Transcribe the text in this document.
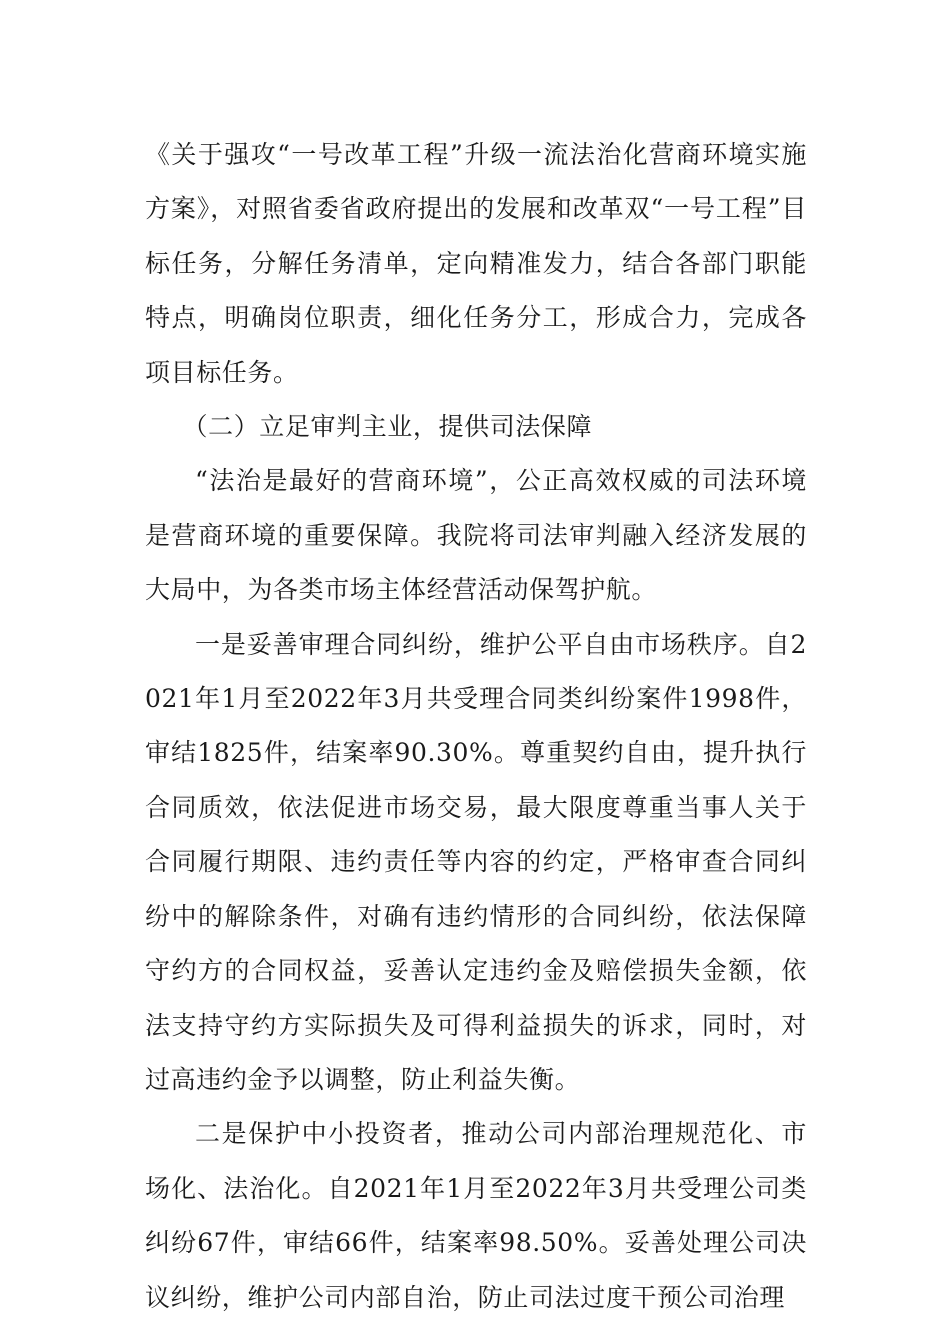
《关于强攻“一号改革工程”升级一流法治化营商环境实施方案》，对照省委省政府提出的发展和改革双“一号工程”目标任务，分解任务清单，定向精准发力，结合各部门职能特点，明确岗位职责，细化任务分工，形成合力，完成各项目标任务。

（二）立足审判主业，提供司法保障

“法治是最好的营商环境”，公正高效权威的司法环境是营商环境的重要保障。我院将司法审判融入经济发展的大局中，为各类市场主体经营活动保驾护航。

一是妥善审理合同纠纷，维护公平自由市场秩序。自2021年1月至2022年3月共受理合同类纠纷案件1998件，审结1825件，结案率90.30%。尊重契约自由，提升执行合同质效，依法促进市场交易，最大限度尊重当事人关于合同履行期限、违约责任等内容的约定，严格审查合同纠纷中的解除条件，对确有违约情形的合同纠纷，依法保障守约方的合同权益，妥善认定违约金及赔偿损失金额，依法支持守约方实际损失及可得利益损失的诉求，同时，对过高违约金予以调整，防止利益失衡。

二是保护中小投资者，推动公司内部治理规范化、市场化、法治化。自2021年1月至2022年3月共受理公司类纠纷67件，审结66件，结案率98.50%。妥善处理公司决议纠纷，维护公司内部自治，防止司法过度干预公司治理
